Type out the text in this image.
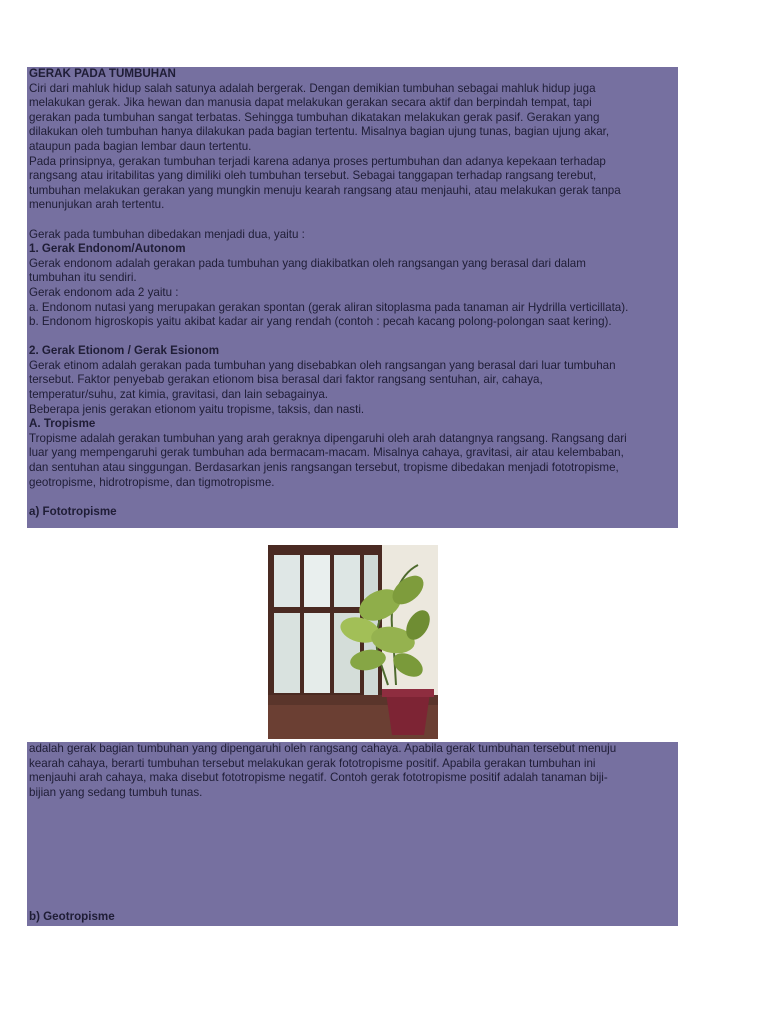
GERAK PADA TUMBUHAN

Ciri dari mahluk hidup salah satunya adalah bergerak. Dengan demikian tumbuhan sebagai mahluk hidup juga

melakukan gerak. Jika hewan dan manusia dapat melakukan gerakan secara aktif dan berpindah tempat, tapi

gerakan pada tumbuhan sangat terbatas. Sehingga tumbuhan dikatakan melakukan gerak pasif. Gerakan yang

dilakukan oleh tumbuhan hanya dilakukan pada bagian tertentu. Misalnya bagian ujung tunas, bagian ujung akar,

ataupun pada bagian lembar daun tertentu.

Pada prinsipnya, gerakan tumbuhan terjadi karena adanya proses pertumbuhan dan adanya kepekaan terhadap

rangsang atau iritabilitas yang dimiliki oleh tumbuhan tersebut. Sebagai tanggapan terhadap rangsang terebut,

tumbuhan melakukan gerakan yang mungkin menuju kearah rangsang atau menjauhi, atau melakukan gerak tanpa

menunjukan arah tertentu.

Gerak pada tumbuhan dibedakan menjadi dua, yaitu :

1. Gerak Endonom/Autonom

Gerak endonom adalah gerakan pada tumbuhan yang diakibatkan oleh rangsangan yang berasal dari dalam

tumbuhan itu sendiri.

Gerak endonom ada 2 yaitu :

a. Endonom nutasi yang merupakan gerakan spontan (gerak aliran sitoplasma pada tanaman air Hydrilla verticillata).

b. Endonom higroskopis yaitu akibat kadar air yang rendah (contoh : pecah kacang polong-polongan saat kering).

2. Gerak Etionom / Gerak Esionom

Gerak etinom adalah gerakan pada tumbuhan yang disebabkan oleh rangsangan yang berasal dari luar tumbuhan

tersebut. Faktor penyebab gerakan etionom bisa berasal dari faktor rangsang sentuhan, air, cahaya,

temperatur/suhu, zat kimia, gravitasi, dan lain sebagainya.

Beberapa jenis gerakan etionom yaitu tropisme, taksis, dan nasti.

A. Tropisme

Tropisme adalah gerakan tumbuhan yang arah geraknya dipengaruhi oleh arah datangnya rangsang. Rangsang dari

luar yang mempengaruhi gerak tumbuhan ada bermacam-macam. Misalnya cahaya, gravitasi, air atau kelembaban,

dan sentuhan atau singgungan. Berdasarkan jenis rangsangan tersebut, tropisme dibedakan menjadi fototropisme,

geotropisme, hidrotropisme, dan tigmotropisme.

a) Fototropisme

adalah gerak bagian tumbuhan yang dipengaruhi oleh rangsang cahaya. Apabila gerak tumbuhan tersebut menuju

kearah cahaya, berarti tumbuhan tersebut melakukan gerak fototropisme positif. Apabila gerakan tumbuhan ini

menjauhi arah cahaya, maka disebut fototropisme negatif. Contoh gerak fototropisme positif adalah tanaman biji-

bijian yang sedang tumbuh tunas.

b) Geotropisme
